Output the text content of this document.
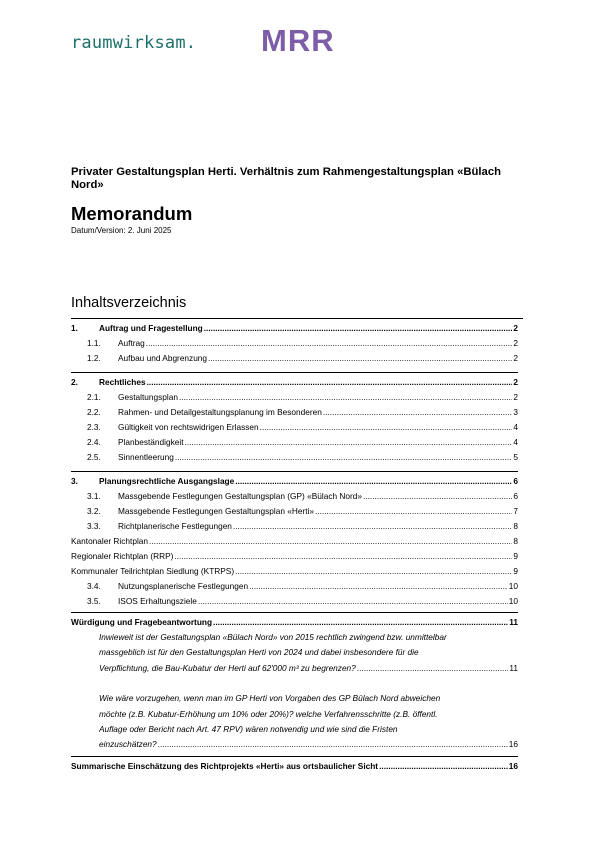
raumwirksam. MRR
Privater Gestaltungsplan Herti. Verhältnis zum Rahmengestaltungsplan «Bülach Nord»
Memorandum
Datum/Version: 2. Juni 2025
Inhaltsverzeichnis
1.	Auftrag und Fragestellung .....	2
1.1.	Auftrag .....	2
1.2.	Aufbau und Abgrenzung .....	2
2.	Rechtliches .....	2
2.1.	Gestaltungsplan .....	2
2.2.	Rahmen- und Detailgestaltungsplanung im Besonderen .....	3
2.3.	Gültigkeit von rechtswidrigen Erlassen .....	4
2.4.	Planbeständigkeit .....	4
2.5.	Sinnentleerung .....	5
3.	Planungsrechtliche Ausgangslage .....	6
3.1.	Massgebende Festlegungen Gestaltungsplan (GP) «Bülach Nord» .....	6
3.2.	Massgebende Festlegungen Gestaltungsplan «Herti» .....	7
3.3.	Richtplanerische Festlegungen .....	8
Kantonaler Richtplan .....	8
Regionaler Richtplan (RRP) .....	9
Kommunaler Teilrichtplan Siedlung (KTRPS) .....	9
3.4.	Nutzungsplanerische Festlegungen .....	10
3.5.	ISOS Erhaltungsziele .....	10
Würdigung und Fragebeantwortung .....	11
Inwieweit ist der Gestaltungsplan «Bülach Nord» von 2015 rechtlich zwingend bzw. unmittelbar
massgeblich ist für den Gestaltungsplan Herti von 2024 und dabei insbesondere für die
Verpflichtung, die Bau-Kubatur der Herti auf 62'000 m³ zu begrenzen? .....	11
Wie wäre vorzugehen, wenn man im GP Herti von Vorgaben des GP Bülach Nord abweichen
möchte (z.B. Kubatur-Erhöhung um 10% oder 20%)? welche Verfahrensschritte (z.B. öffentl.
Auflage oder Bericht nach Art. 47 RPV) wären notwendig und wie sind die Fristen
einzuschätzen? .....	16
Summarische Einschätzung des Richtprojekts «Herti» aus ortsbaulicher Sicht .....	16
